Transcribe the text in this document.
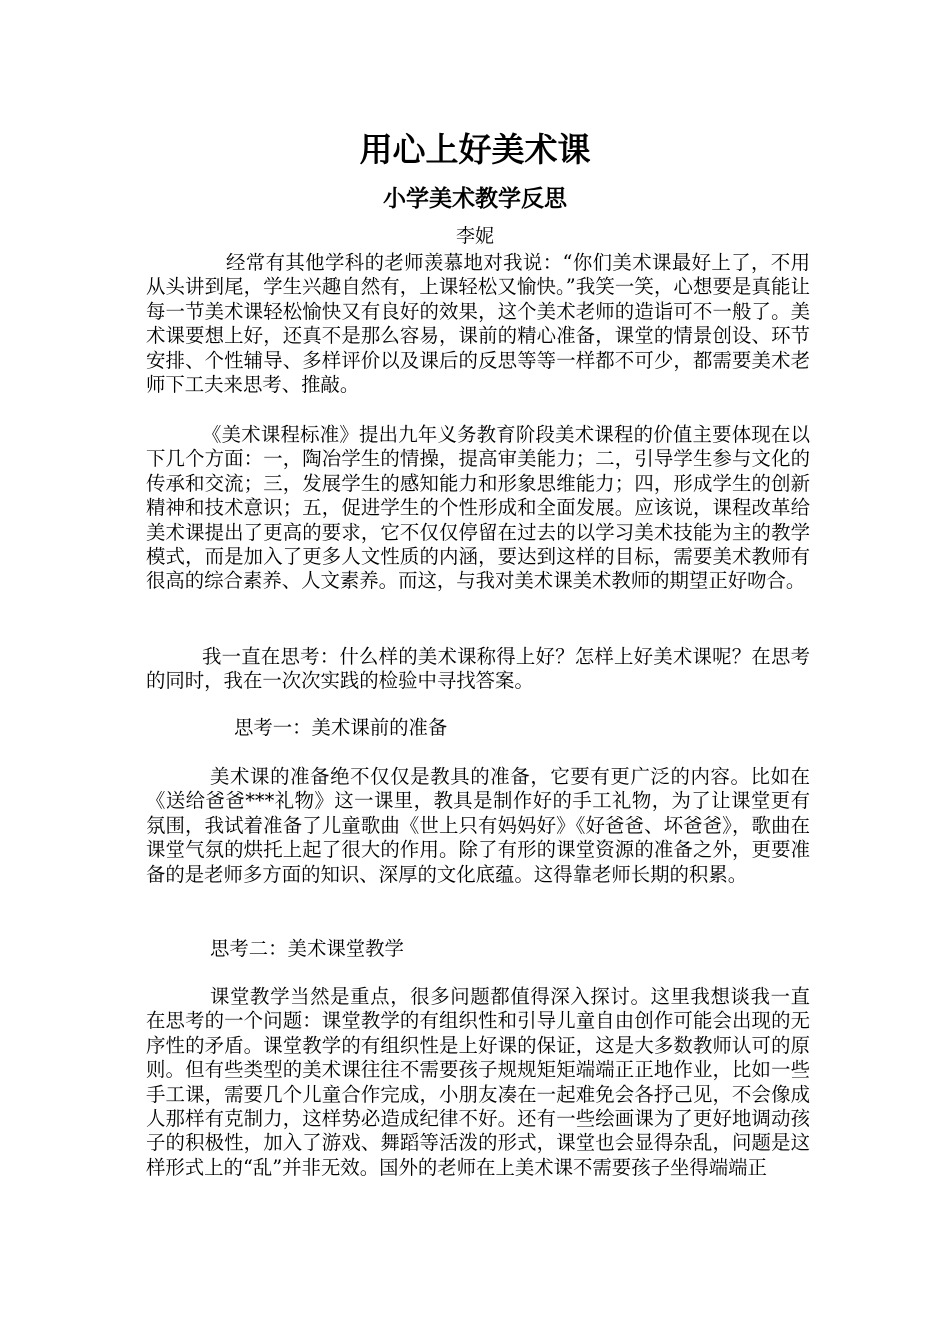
用心上好美术课
小学美术教学反思
李妮

经常有其他学科的老师羡慕地对我说：“你们美术课最好上了，不用从头讲到尾，学生兴趣自然有，上课轻松又愉快。”我笑一笑，心想要是真能让每一节美术课轻松愉快又有良好的效果，这个美术老师的造诣可不一般了。美术课要想上好，还真不是那么容易，课前的精心准备，课堂的情景创设、环节安排、个性辅导、多样评价以及课后的反思等等一样都不可少，都需要美术老师下工夫来思考、推敲。

《美术课程标准》提出九年义务教育阶段美术课程的价值主要体现在以下几个方面：一，陶冶学生的情操，提高审美能力；二，引导学生参与文化的传承和交流；三，发展学生的感知能力和形象思维能力；四，形成学生的创新精神和技术意识；五，促进学生的个性形成和全面发展。应该说，课程改革给美术课提出了更高的要求，它不仅仅停留在过去的以学习美术技能为主的教学模式，而是加入了更多人文性质的内涵，要达到这样的目标，需要美术教师有很高的综合素养、人文素养。而这，与我对美术课美术教师的期望正好吻合。

我一直在思考：什么样的美术课称得上好？怎样上好美术课呢？在思考的同时，我在一次次实践的检验中寻找答案。

思考一：美术课前的准备

美术课的准备绝不仅仅是教具的准备，它要有更广泛的内容。比如在《送给爸爸***礼物》这一课里，教具是制作好的手工礼物，为了让课堂更有氛围，我试着准备了儿童歌曲《世上只有妈妈好》《好爸爸、坏爸爸》，歌曲在课堂气氛的烘托上起了很大的作用。除了有形的课堂资源的准备之外，更要准备的是老师多方面的知识、深厚的文化底蕴。这得靠老师长期的积累。

思考二：美术课堂教学

课堂教学当然是重点，很多问题都值得深入探讨。这里我想谈我一直在思考的一个问题：课堂教学的有组织性和引导儿童自由创作可能会出现的无序性的矛盾。课堂教学的有组织性是上好课的保证，这是大多数教师认可的原则。但有些类型的美术课往往不需要孩子规规矩矩端端正正地作业，比如一些手工课，需要几个儿童合作完成，小朋友凑在一起难免会各抒己见，不会像成人那样有克制力，这样势必造成纪律不好。还有一些绘画课为了更好地调动孩子的积极性，加入了游戏、舞蹈等活泼的形式，课堂也会显得杂乱，问题是这样形式上的“乱”并非无效。国外的老师在上美术课不需要孩子坐得端端正
